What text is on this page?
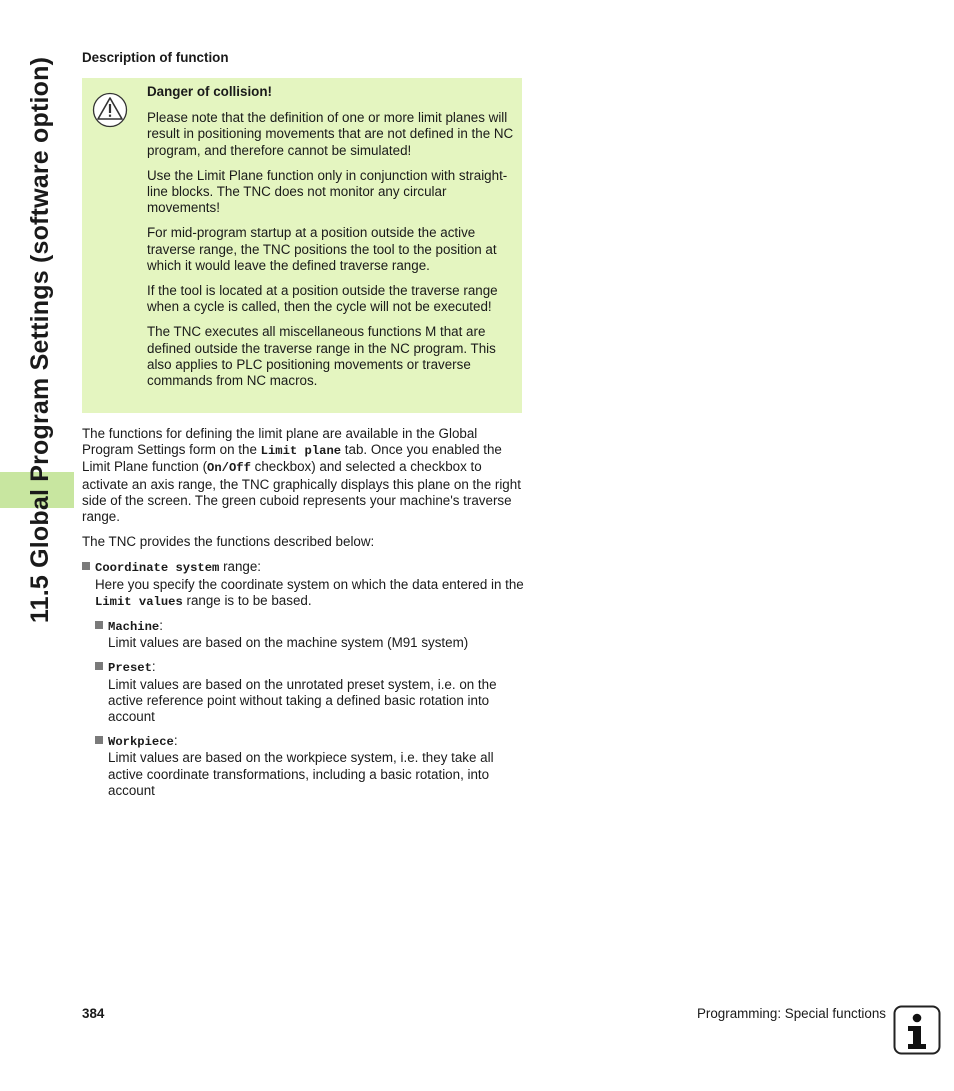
11.5 Global Program Settings (software option) Description of function
Danger of collision!

Please note that the definition of one or more limit planes will result in positioning movements that are not defined in the NC program, and therefore cannot be simulated!

Use the Limit Plane function only in conjunction with straight-line blocks. The TNC does not monitor any circular movements!

For mid-program startup at a position outside the active traverse range, the TNC positions the tool to the position at which it would leave the defined traverse range.

If the tool is located at a position outside the traverse range when a cycle is called, then the cycle will not be executed!

The TNC executes all miscellaneous functions M that are defined outside the traverse range in the NC program. This also applies to PLC positioning movements or traverse commands from NC macros.

The functions for defining the limit plane are available in the Global Program Settings form on the Limit plane tab. Once you enabled the Limit Plane function (On/Off checkbox) and selected a checkbox to activate an axis range, the TNC graphically displays this plane on the right side of the screen. The green cuboid represents your machine's traverse range.

The TNC provides the functions described below:

Coordinate system range:
Here you specify the coordinate system on which the data entered in the Limit values range is to be based.
Machine:
Limit values are based on the machine system (M91 system)
Preset:
Limit values are based on the unrotated preset system, i.e. on the active reference point without taking a defined basic rotation into account
Workpiece:
Limit values are based on the workpiece system, i.e. they take all active coordinate transformations, including a basic rotation, into account
384	Programming: Special functions
